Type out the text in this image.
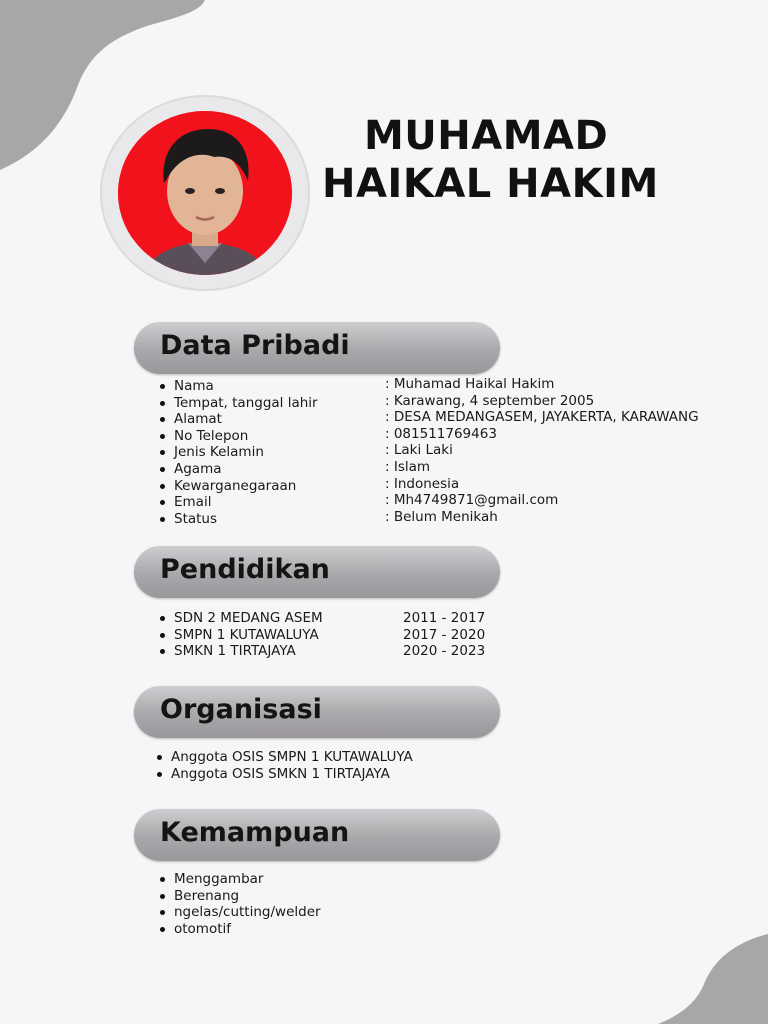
MUHAMAD
HAIKAL HAKIM
Data Pribadi
Nama
Tempat, tanggal lahir
Alamat
No Telepon
Jenis Kelamin
Agama
Kewarganegaraan
Email
Status
: Muhamad Haikal Hakim
: Karawang, 4 september 2005
: DESA MEDANGASEM, JAYAKERTA, KARAWANG
: 081511769463
: Laki Laki
: Islam
: Indonesia
: Mh4749871@gmail.com
: Belum Menikah
Pendidikan
SDN 2 MEDANG ASEM
SMPN 1 KUTAWALUYA
SMKN 1 TIRTAJAYA
2011 - 2017
2017 - 2020
2020 - 2023
Organisasi
Anggota OSIS SMPN 1 KUTAWALUYA
Anggota OSIS SMKN 1 TIRTAJAYA
Kemampuan
Menggambar
Berenang
ngelas/cutting/welder
otomotif
